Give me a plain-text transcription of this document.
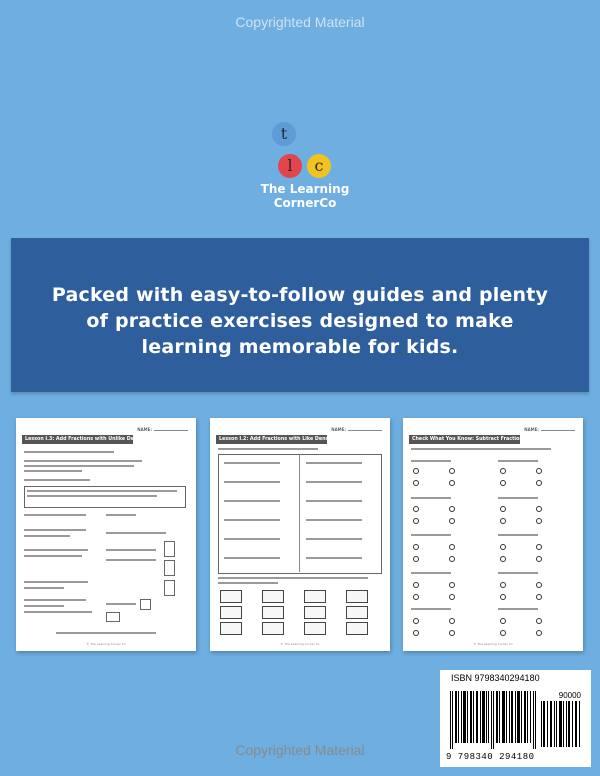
Copyrighted Material
t
l	c
The Learning
CornerCo
Packed with easy-to-follow guides and plenty
of practice exercises designed to make
learning memorable for kids.
NAME:
Lesson I.3: Add Fractions with Unlike Denominators
© The Learning Corner Co
NAME:
Lesson I.2: Add Fractions with Like Denominators
© The Learning Corner Co
NAME:
Check What You Know: Subtract Fractions
© The Learning Corner Co
ISBN 9798340294180
90000
9 798340 294180
Copyrighted Material
